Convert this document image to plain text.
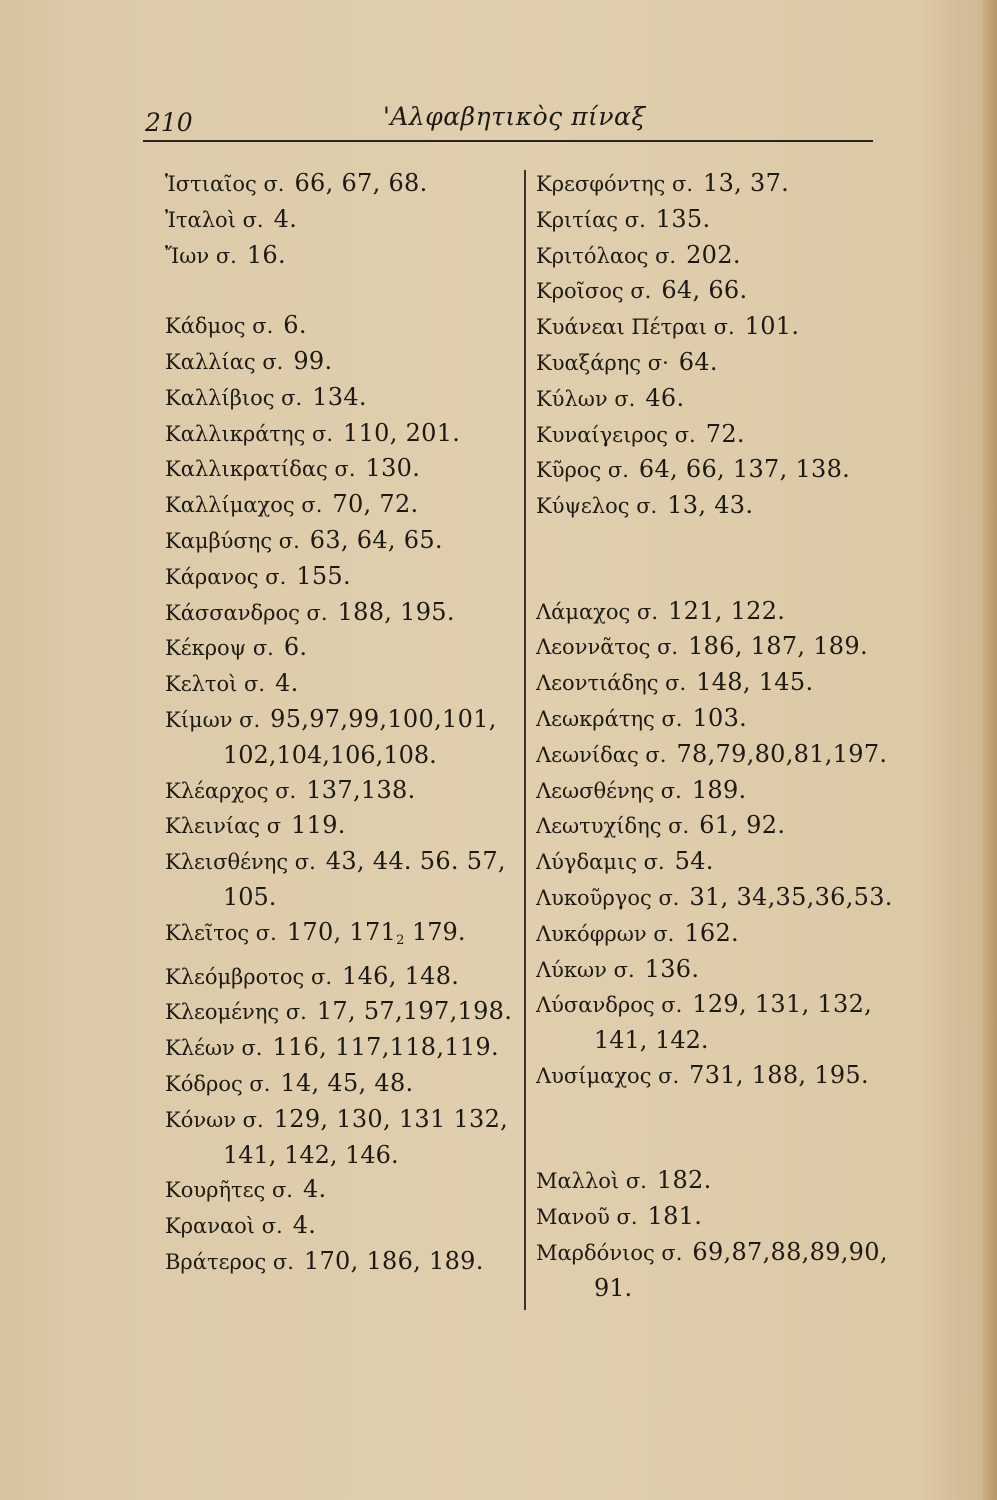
210	'Αλφαβητικὸς πίναξ
Ἱστιαῖος σ. 66, 67, 68.
Ἰταλοὶ σ. 4.
Ἴων σ. 16.
Κάδμος σ. 6.
Καλλίας σ. 99.
Καλλίβιος σ. 134.
Καλλικράτης σ. 110, 201.
Καλλικρατίδας σ. 130.
Καλλίμαχος σ. 70, 72.
Καμβύσης σ. 63, 64, 65.
Κάρανος σ. 155.
Κάσσανδρος σ. 188, 195.
Κέκροψ σ. 6.
Κελτοὶ σ. 4.
Κίμων σ. 95,97,99,100,101,
102,104,106,108.
Κλέαρχος σ. 137,138.
Κλεινίας σ 119.
Κλεισθένης σ. 43, 44. 56. 57,
105.
Κλεῖτος σ. 170, $171_2$ 179.
Κλεόμβροτος σ. 146, 148.
Κλεομένης σ. 17, 57,197,198.
Κλέων σ. 116, 117,118,119.
Κόδρος σ. 14, 45, 48.
Κόνων σ. 129, 130, 131 132,
141, 142, 146.
Κουρῆτες σ. 4.
Κραναοὶ σ. 4.
Βράτερος σ. 170, 186, 189.
Κρεσφόντης σ. 13, 37.
Κριτίας σ. 135.
Κριτόλαος σ. 202.
Κροῖσος σ. 64, 66.
Κυάνεαι Πέτραι σ. 101.
Κυαξάρης σ· 64.
Κύλων σ. 46.
Κυναίγειρος σ. 72.
Κῦρος σ. 64, 66, 137, 138.
Κύψελος σ. 13, 43.
Λάμαχος σ. 121, 122.
Λεοννᾶτος σ. 186, 187, 189.
Λεοντιάδης σ. 148, 145.
Λεωκράτης σ. 103.
Λεωνίδας σ. 78,79,80,81,197.
Λεωσθένης σ. 189.
Λεωτυχίδης σ. 61, 92.
Λύγδαμις σ. 54.
Λυκοῦργος σ. 31, 34,35,36,53.
Λυκόφρων σ. 162.
Λύκων σ. 136.
Λύσανδρος σ. 129, 131, 132,
141, 142.
Λυσίμαχος σ. 731, 188, 195.
Μαλλοὶ σ. 182.
Μανοῦ σ. 181.
Μαρδόνιος σ. 69,87,88,89,90,
91.
